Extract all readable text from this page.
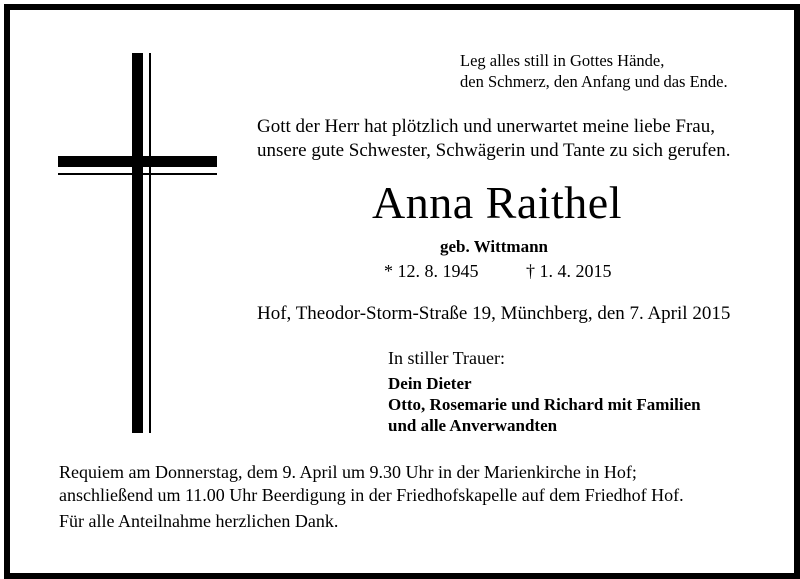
Leg alles still in Gottes Hände,
den Schmerz, den Anfang und das Ende.
Gott der Herr hat plötzlich und unerwartet meine liebe Frau,
unsere gute Schwester, Schwägerin und Tante zu sich gerufen.
Anna Raithel
geb. Wittmann
* 12. 8. 1945	† 1. 4. 2015
Hof, Theodor-Storm-Straße 19, Münchberg, den 7. April 2015
In stiller Trauer:
Dein Dieter
Otto, Rosemarie und Richard mit Familien
und alle Anverwandten
Requiem am Donnerstag, dem 9. April um 9.30 Uhr in der Marienkirche in Hof;
anschließend um 11.00 Uhr Beerdigung in der Friedhofskapelle auf dem Friedhof Hof.
Für alle Anteilnahme herzlichen Dank.
